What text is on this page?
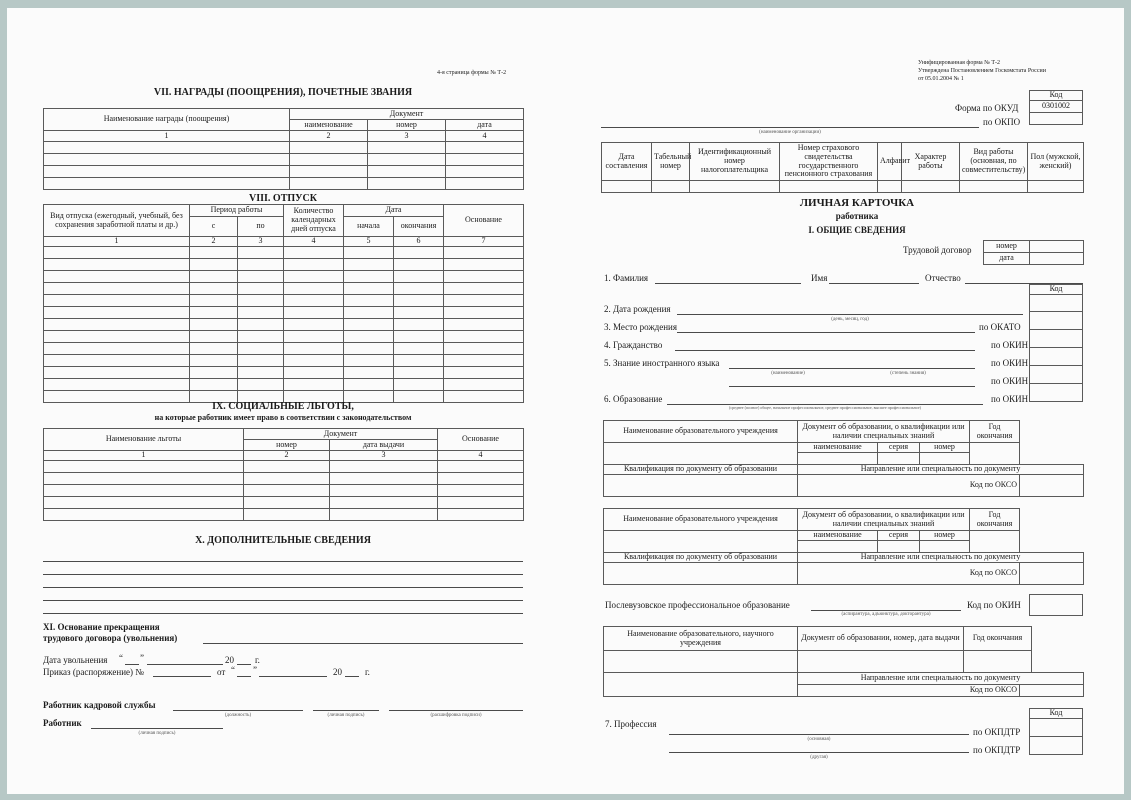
4-я страница формы № Т-2
VII. НАГРАДЫ (ПООЩРЕНИЯ), ПОЧЕТНЫЕ ЗВАНИЯ
Наименование награды (поощрения)	Документ		
	наименование	номер	дата
1	2	3	4

VIII. ОТПУСК
Вид отпуска (ежегодный, учебный, без сохранения заработной платы и др.)	Период работы		Количество календарных дней отпуска	Дата		Основание
	с	по		начала	окончания	
1	2	3	4	5	6	7

IX. СОЦИАЛЬНЫЕ ЛЬГОТЫ,
на которые работник имеет право в соответствии с законодательством
Наименование льготы	Документ		Основание
	номер	дата выдачи	
1	2	3	4

X. ДОПОЛНИТЕЛЬНЫЕ СВЕДЕНИЯ
XI. Основание прекращения
трудового договора (увольнения)
Дата увольнения “ ”	20 г.
Приказ (распоряжение) №	от “ ”	20	г.
Работник кадровой службы
(должность)	(личная подпись)	(расшифровка подписи)
Работник
(личная подпись)
Унифицированная форма № Т-2
Утверждена Постановлением Госкомстата России
от 05.01.2004 № 1
Код
0301002

Форма по ОКУД
по ОКПО
(наименование организации)
Дата составления	Табельный номер	Идентификационный номер налогоплательщика	Номер страхового свидетельства государственного пенсионного страхования	Алфавит	Характер работы	Вид работы (основная, по совместительству)	Пол (мужской, женский)

ЛИЧНАЯ КАРТОЧКА
работника
I. ОБЩИЕ СВЕДЕНИЯ
Трудовой договор	номер	
дата	
1. Фамилия	Имя	Отчество
Код

2. Дата рождения
(день, месяц, год)
3. Место рождения	по ОКАТО
4. Гражданство	по ОКИН
5. Знание иностранного языка	по ОКИН
(наименование)	(степень знания)
по ОКИН
6. Образование	по ОКИН
(среднее (полное) общее, начальное профессиональное, среднее профессиональное, высшее профессиональное)
Наименование образовательного учреждения	Документ об образовании, о квалификации или наличии специальных знаний			Год окончания	
	наименование	серия	номер		

Квалификация по документу об образовании	Направление или специальность по документу				
	Код по ОКСО				
Наименование образовательного учреждения	Документ об образовании, о квалификации или наличии специальных знаний			Год окончания	
	наименование	серия	номер		

Квалификация по документу об образовании	Направление или специальность по документу				
	Код по ОКСО				
Послевузовское профессиональное образование
(аспирантура, адъюнктура, докторантура)
Код по ОКИН
Наименование образовательного, научного учреждения	Документ об образовании, номер, дата выдачи	Год окончания

	Направление или специальность по документу	
	Код по ОКСО	
Код

7. Профессия
(основная)
по ОКПДТР
(другая)
по ОКПДТР
